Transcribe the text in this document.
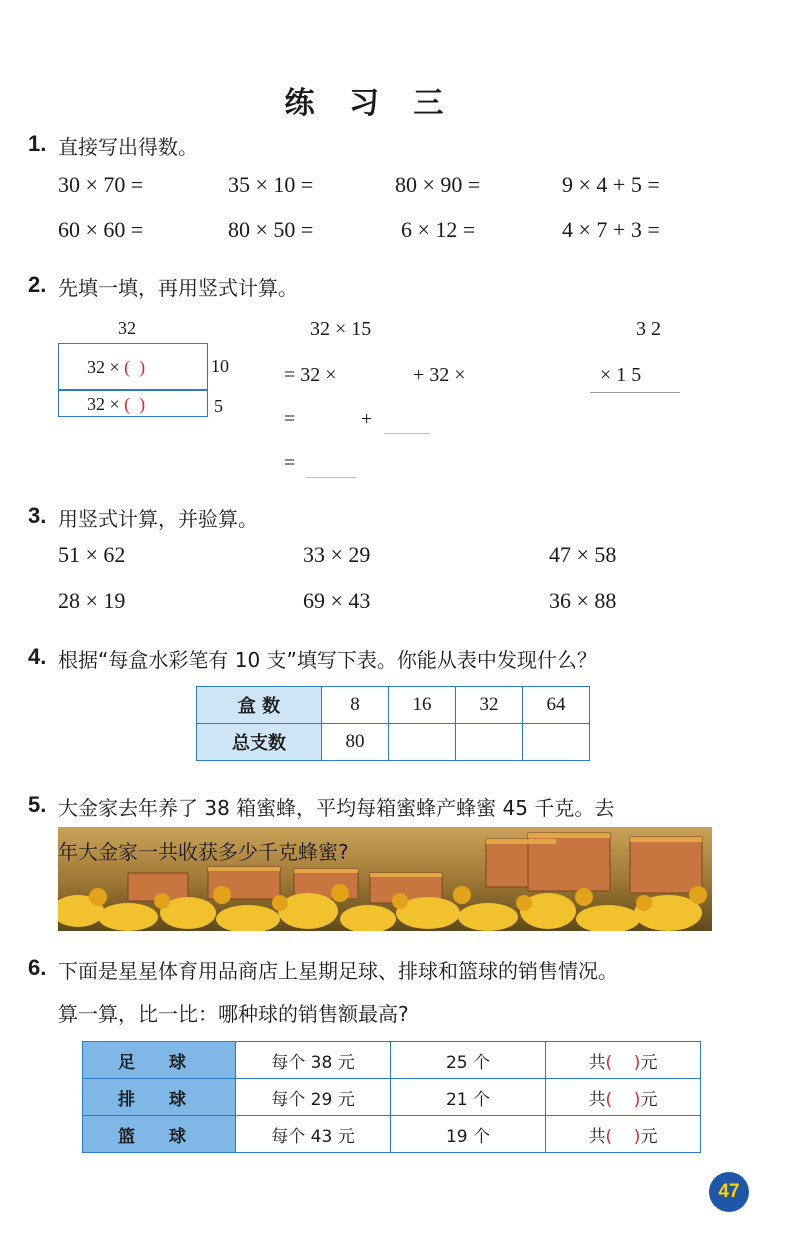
练 习 三
1. 直接写出得数。
30 × 70 =	35 × 10 =	80 × 90 =	9 × 4 + 5 =
60 × 60 =	80 × 50 =	6 × 12 =	4 × 7 + 3 =
2. 先填一填，再用竖式计算。
32
32 × ( )
32 × ( )
10
5
32 × 15
= 32 ×	+ 32 ×
=	+
=
3 2
× 1 5
3. 用竖式计算，并验算。
51 × 62	33 × 29	47 × 58
28 × 19	69 × 43	36 × 88
4. 根据“每盒水彩笔有 10 支”填写下表。你能从表中发现什么？
盒 数	8	16	32	64
总支数	80			
5. 大金家去年养了 38 箱蜜蜂，平均每箱蜜蜂产蜂蜜 45 千克。去
年大金家一共收获多少千克蜂蜜?
6. 下面是星星体育用品商店上星期足球、排球和篮球的销售情况。
算一算，比一比：哪种球的销售额最高?
足 球	每个 38 元	25 个	共(    )元
排 球	每个 29 元	21 个	共(    )元
篮 球	每个 43 元	19 个	共(    )元
47
